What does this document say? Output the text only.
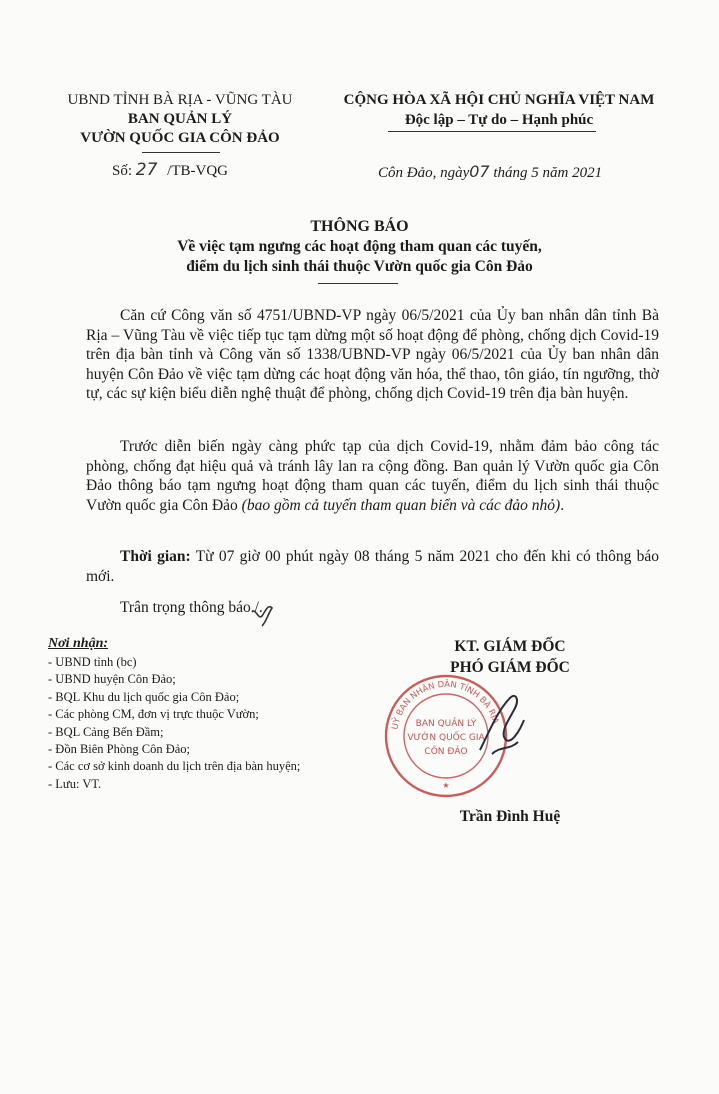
UBND TỈNH BÀ RỊA - VŨNG TÀU
BAN QUẢN LÝ
VƯỜN QUỐC GIA CÔN ĐẢO
Số: 27 /TB-VQG
CỘNG HÒA XÃ HỘI CHỦ NGHĨA VIỆT NAM
Độc lập – Tự do – Hạnh phúc
Côn Đảo, ngày07 tháng 5 năm 2021
THÔNG BÁO
Về việc tạm ngưng các hoạt động tham quan các tuyến,
điểm du lịch sinh thái thuộc Vườn quốc gia Côn Đảo
Căn cứ Công văn số 4751/UBND-VP ngày 06/5/2021 của Ủy ban nhân dân tỉnh Bà Rịa – Vũng Tàu về việc tiếp tục tạm dừng một số hoạt động để phòng, chống dịch Covid-19 trên địa bàn tỉnh và Công văn số 1338/UBND-VP ngày 06/5/2021 của Ủy ban nhân dân huyện Côn Đảo về việc tạm dừng các hoạt động văn hóa, thể thao, tôn giáo, tín ngưỡng, thờ tự, các sự kiện biểu diễn nghệ thuật để phòng, chống dịch Covid-19 trên địa bàn huyện.
Trước diễn biến ngày càng phức tạp của dịch Covid-19, nhằm đảm bảo công tác phòng, chống đạt hiệu quả và tránh lây lan ra cộng đồng. Ban quản lý Vườn quốc gia Côn Đảo thông báo tạm ngưng hoạt động tham quan các tuyến, điểm du lịch sinh thái thuộc Vườn quốc gia Côn Đảo (bao gồm cả tuyến tham quan biển và các đảo nhỏ).
Thời gian: Từ 07 giờ 00 phút ngày 08 tháng 5 năm 2021 cho đến khi có thông báo mới.
Trân trọng thông báo./.
Nơi nhận:
- UBND tỉnh (bc)
- UBND huyện Côn Đảo;
- BQL Khu du lịch quốc gia Côn Đảo;
- Các phòng CM, đơn vị trực thuộc Vườn;
- BQL Cảng Bến Đầm;
- Đồn Biên Phòng Côn Đảo;
- Các cơ sở kinh doanh du lịch trên địa bàn huyện;
- Lưu: VT.
KT. GIÁM ĐỐC
PHÓ GIÁM ĐỐC
UỶ BAN NHÂN DÂN TỈNH BÀ RỊA
BAN QUẢN LÝ
VƯỜN QUỐC GIA
CÔN ĐẢO
★
Trần Đình Huệ
